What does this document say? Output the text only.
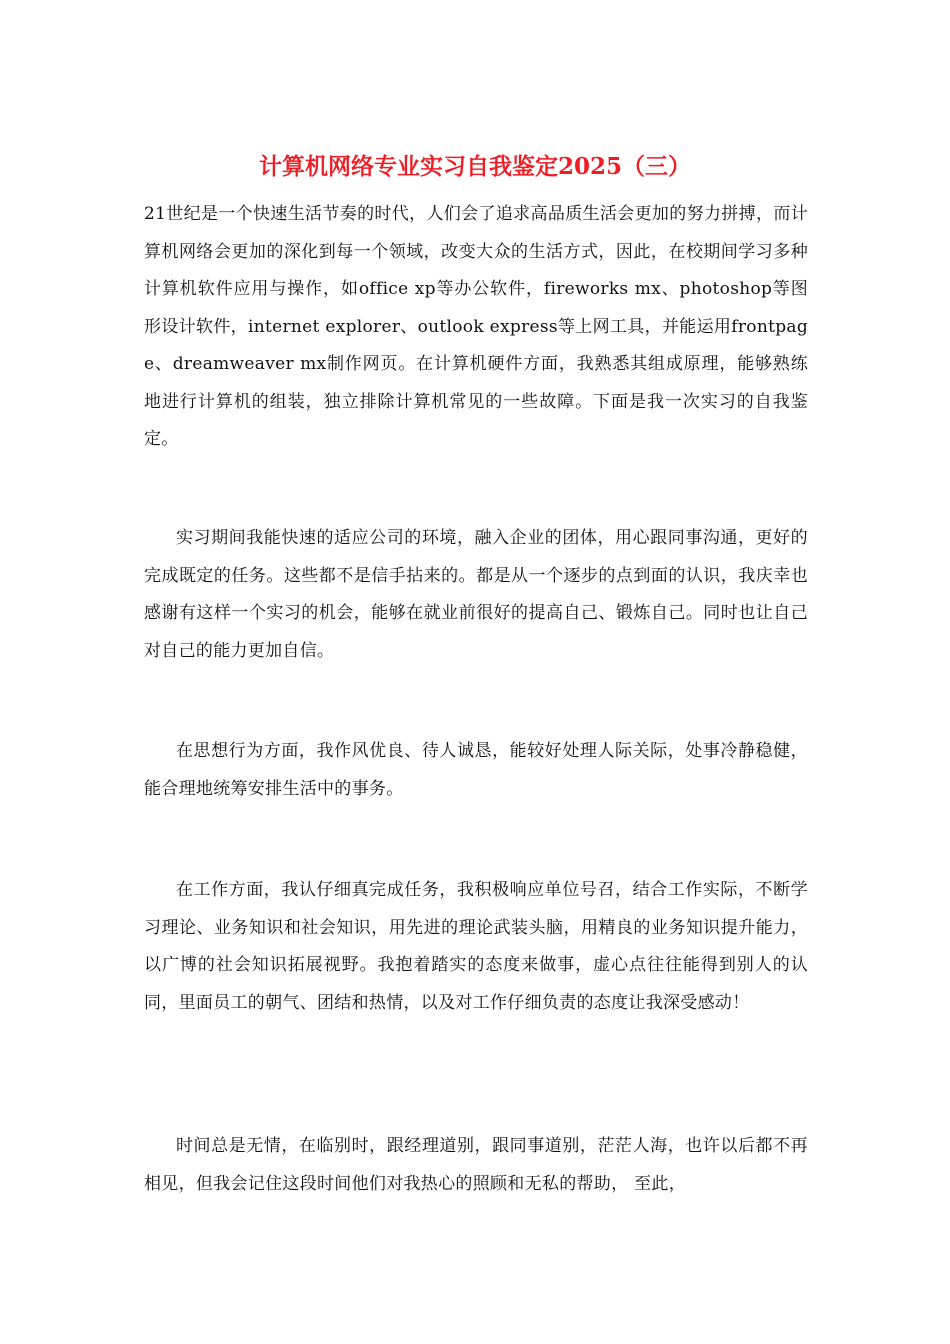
计算机网络专业实习自我鉴定2025（三）

21世纪是一个快速生活节奏的时代，人们会了追求高品质生活会更加的努力拼搏，而计算机网络会更加的深化到每一个领域，改变大众的生活方式，因此，在校期间学习多种计算机软件应用与操作，如office xp等办公软件，fireworks mx、photoshop等图形设计软件，internet explorer、outlook express等上网工具，并能运用frontpage、dreamweaver mx制作网页。在计算机硬件方面，我熟悉其组成原理，能够熟练地进行计算机的组装，独立排除计算机常见的一些故障。下面是我一次实习的自我鉴定。

实习期间我能快速的适应公司的环境，融入企业的团体，用心跟同事沟通，更好的完成既定的任务。这些都不是信手拈来的。都是从一个逐步的点到面的认识，我庆幸也感谢有这样一个实习的机会，能够在就业前很好的提高自己、锻炼自己。同时也让自己对自己的能力更加自信。

在思想行为方面，我作风优良、待人诚恳，能较好处理人际关际，处事冷静稳健，能合理地统筹安排生活中的事务。

在工作方面，我认仔细真完成任务，我积极响应单位号召，结合工作实际，不断学习理论、业务知识和社会知识，用先进的理论武装头脑，用精良的业务知识提升能力，以广博的社会知识拓展视野。我抱着踏实的态度来做事，虚心点往往能得到别人的认同，里面员工的朝气、团结和热情，以及对工作仔细负责的态度让我深受感动！

时间总是无情，在临别时，跟经理道别，跟同事道别，茫茫人海，也许以后都不再相见，但我会记住这段时间他们对我热心的照顾和无私的帮助， 至此，
